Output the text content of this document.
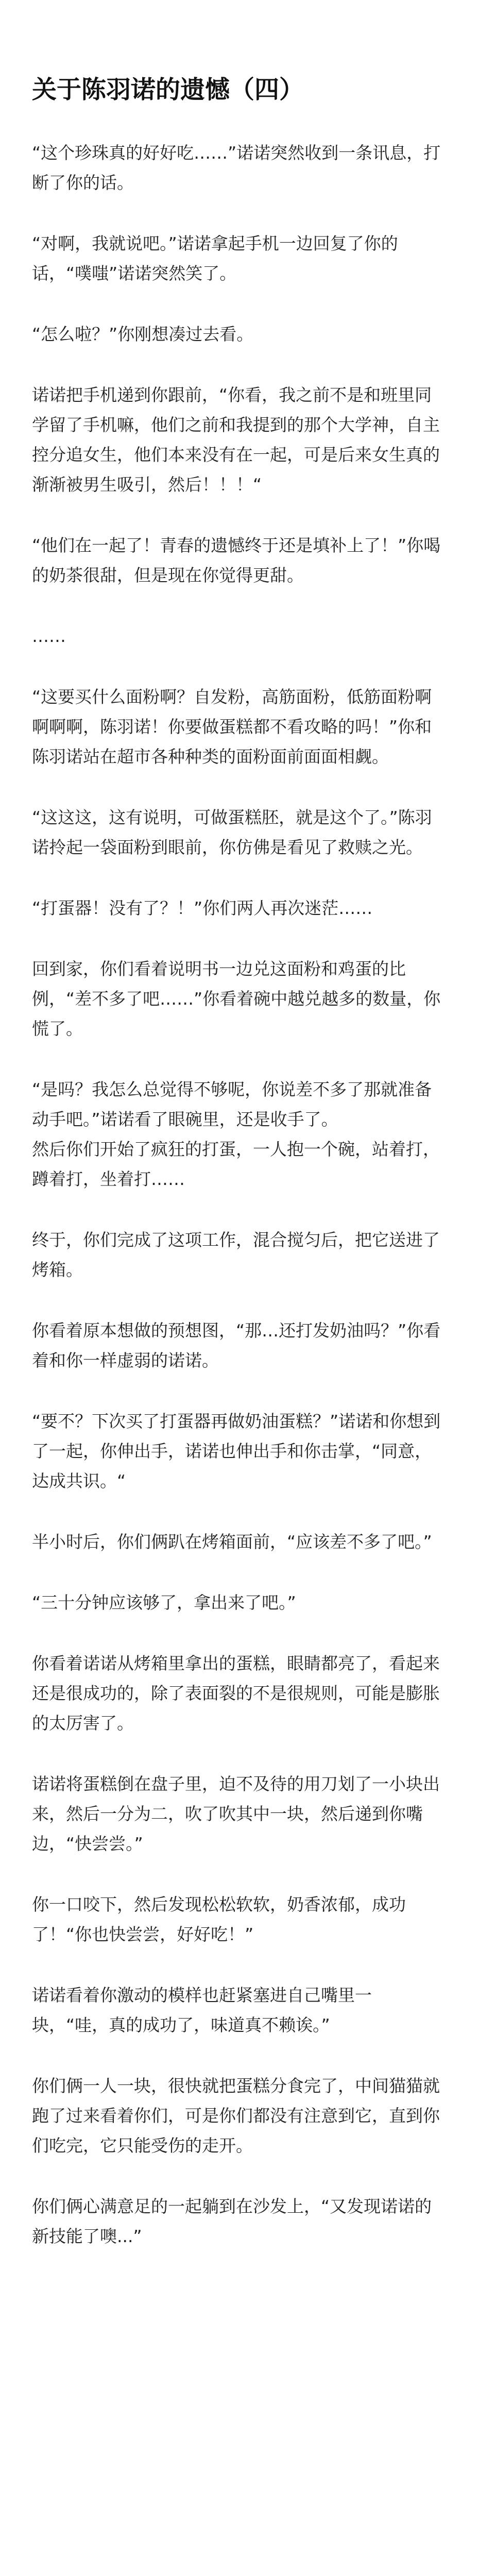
关于陈羽诺的遗憾（四）

“这个珍珠真的好好吃……”诺诺突然收到一条讯息，打断了你的话。

“对啊，我就说吧。”诺诺拿起手机一边回复了你的话，“噗嗤”诺诺突然笑了。

“怎么啦？”你刚想凑过去看。

诺诺把手机递到你跟前，“你看，我之前不是和班里同学留了手机嘛，他们之前和我提到的那个大学神，自主控分追女生，他们本来没有在一起，可是后来女生真的渐渐被男生吸引，然后！！！“

“他们在一起了！青春的遗憾终于还是填补上了！”你喝的奶茶很甜，但是现在你觉得更甜。

……

“这要买什么面粉啊？自发粉，高筋面粉，低筋面粉啊啊啊啊，陈羽诺！你要做蛋糕都不看攻略的吗！”你和陈羽诺站在超市各种种类的面粉面前面面相觑。

“这这这，这有说明，可做蛋糕胚，就是这个了。”陈羽诺拎起一袋面粉到眼前，你仿佛是看见了救赎之光。

“打蛋器！没有了？！”你们两人再次迷茫……

回到家，你们看着说明书一边兑这面粉和鸡蛋的比例，“差不多了吧……”你看着碗中越兑越多的数量，你慌了。

“是吗？我怎么总觉得不够呢，你说差不多了那就准备动手吧。”诺诺看了眼碗里，还是收手了。
然后你们开始了疯狂的打蛋，一人抱一个碗，站着打，蹲着打，坐着打……

终于，你们完成了这项工作，混合搅匀后，把它送进了烤箱。

你看着原本想做的预想图，“那…还打发奶油吗？”你看着和你一样虚弱的诺诺。

“要不？下次买了打蛋器再做奶油蛋糕？”诺诺和你想到了一起，你伸出手，诺诺也伸出手和你击掌，“同意，达成共识。“

半小时后，你们俩趴在烤箱面前，“应该差不多了吧。”

“三十分钟应该够了，拿出来了吧。”

你看着诺诺从烤箱里拿出的蛋糕，眼睛都亮了，看起来还是很成功的，除了表面裂的不是很规则，可能是膨胀的太厉害了。

诺诺将蛋糕倒在盘子里，迫不及待的用刀划了一小块出来，然后一分为二，吹了吹其中一块，然后递到你嘴边，“快尝尝。”

你一口咬下，然后发现松松软软，奶香浓郁，成功了！“你也快尝尝，好好吃！”

诺诺看着你激动的模样也赶紧塞进自己嘴里一块，“哇，真的成功了，味道真不赖诶。”

你们俩一人一块，很快就把蛋糕分食完了，中间猫猫就跑了过来看着你们，可是你们都没有注意到它，直到你们吃完，它只能受伤的走开。

你们俩心满意足的一起躺到在沙发上，“又发现诺诺的新技能了噢...”
